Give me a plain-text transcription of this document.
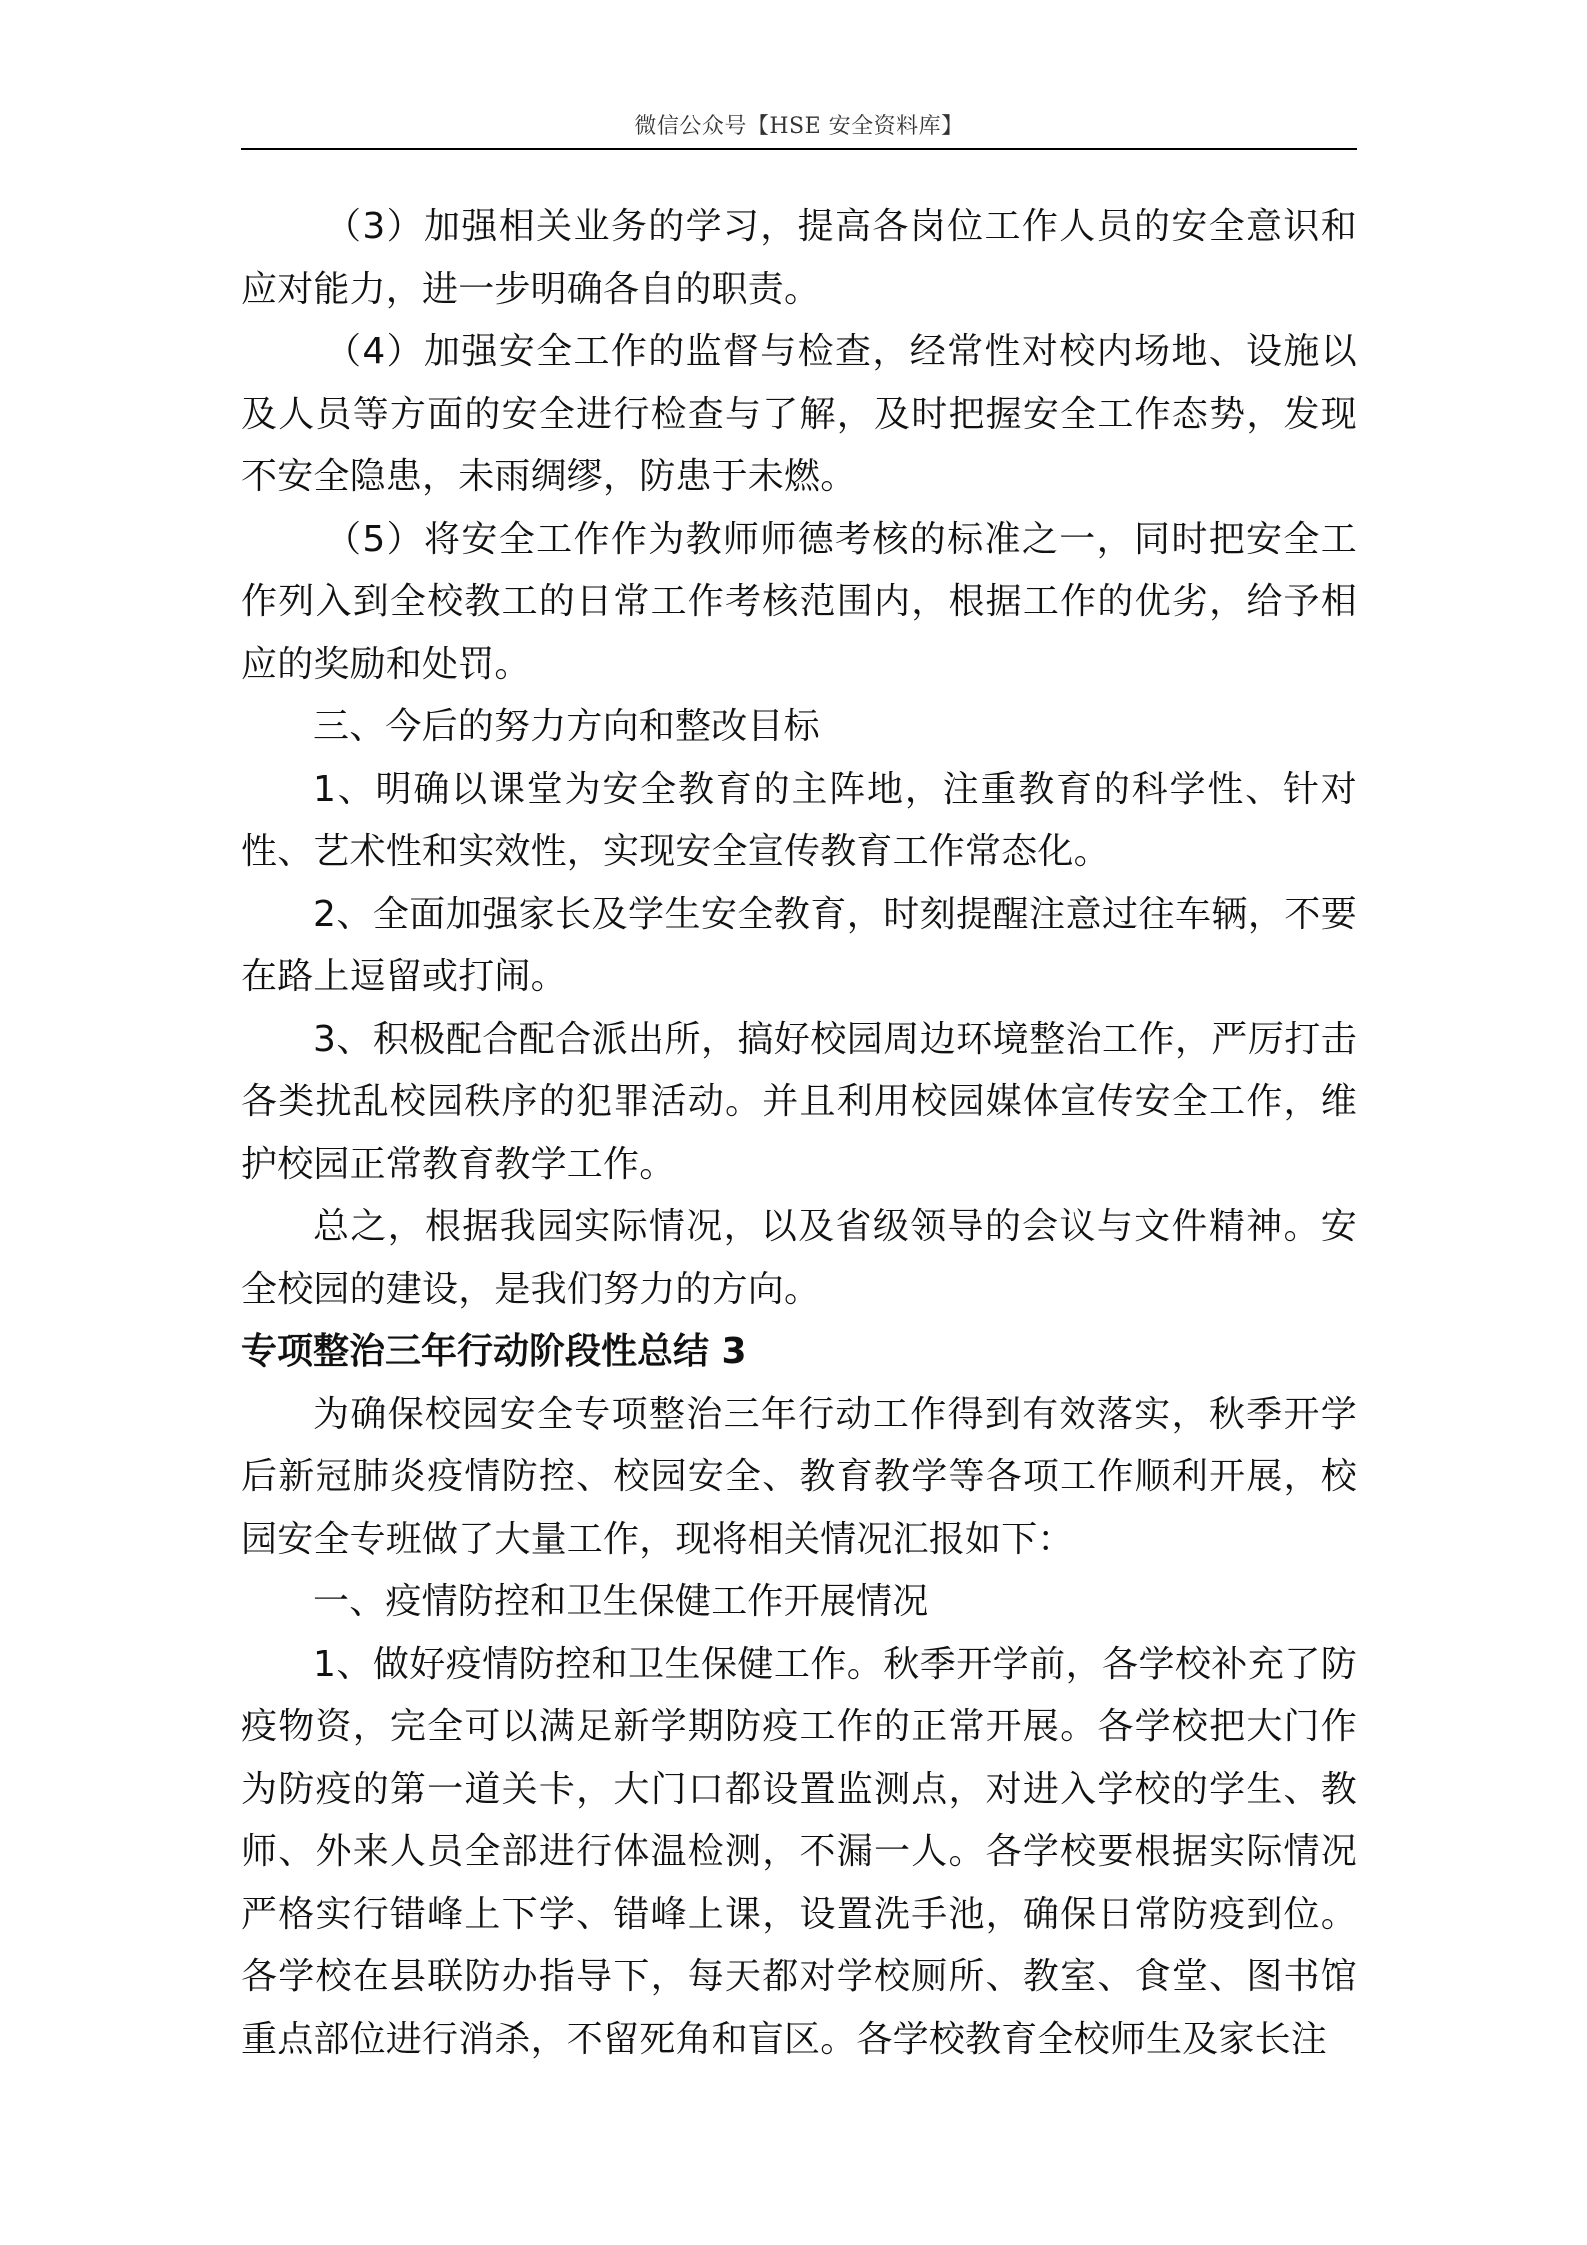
微信公众号【HSE 安全资料库】

（3）加强相关业务的学习，提高各岗位工作人员的安全意识和应对能力，进一步明确各自的职责。

（4）加强安全工作的监督与检查，经常性对校内场地、设施以及人员等方面的安全进行检查与了解，及时把握安全工作态势，发现不安全隐患，未雨绸缪，防患于未燃。

（5）将安全工作作为教师师德考核的标准之一，同时把安全工作列入到全校教工的日常工作考核范围内，根据工作的优劣，给予相应的奖励和处罚。

三、今后的努力方向和整改目标

1、明确以课堂为安全教育的主阵地，注重教育的科学性、针对性、艺术性和实效性，实现安全宣传教育工作常态化。

2、全面加强家长及学生安全教育，时刻提醒注意过往车辆，不要在路上逗留或打闹。

3、积极配合配合派出所，搞好校园周边环境整治工作，严厉打击各类扰乱校园秩序的犯罪活动。并且利用校园媒体宣传安全工作，维护校园正常教育教学工作。

总之，根据我园实际情况，以及省级领导的会议与文件精神。安全校园的建设，是我们努力的方向。

专项整治三年行动阶段性总结 3

为确保校园安全专项整治三年行动工作得到有效落实，秋季开学后新冠肺炎疫情防控、校园安全、教育教学等各项工作顺利开展，校园安全专班做了大量工作，现将相关情况汇报如下：

一、疫情防控和卫生保健工作开展情况

1、做好疫情防控和卫生保健工作。秋季开学前，各学校补充了防疫物资，完全可以满足新学期防疫工作的正常开展。各学校把大门作为防疫的第一道关卡，大门口都设置监测点，对进入学校的学生、教师、外来人员全部进行体温检测，不漏一人。各学校要根据实际情况严格实行错峰上下学、错峰上课，设置洗手池，确保日常防疫到位。各学校在县联防办指导下，每天都对学校厕所、教室、食堂、图书馆重点部位进行消杀，不留死角和盲区。各学校教育全校师生及家长注
